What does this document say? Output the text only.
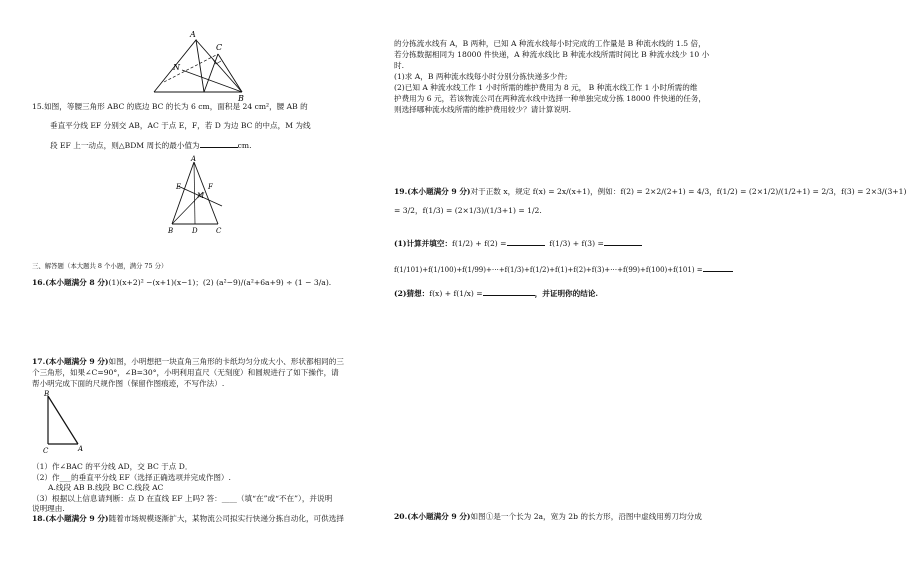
A
N
C
B
15.如图，等腰三角形 ABC 的底边 BC 的长为 6 cm，面积是 24 cm²，腰 AB 的
垂直平分线 EF 分别交 AB，AC 于点 E，F，若 D 为边 BC 的中点，M 为线
段 EF 上一动点，则△BDM 周长的最小值为	cm.
A
E	F
M
B	D	C
三、解答题（本大题共 8 个小题，满分 75 分）
16.(本小题满分 8 分)(1)(x+2)² −(x+1)(x−1)；(2) (a²−9)/(a²+6a+9) ÷ (1 − 3/a).
17.(本小题满分 9 分)如图，小明想把一块直角三角形的卡纸均匀分成大小、形状都相同的三
个三角形，如果∠C=90°，∠B=30°，小明利用直尺（无刻度）和圆规进行了如下操作，请
帮小明完成下面的尺规作图（保留作图痕迹，不写作法）.
B
C	A
（1）作∠BAC 的平分线 AD，交 BC 于点 D．
（2）作___的垂直平分线 EF（选择正确选项并完成作图）.
A.线段 AB B.线段 BC C.线段 AC
（3）根据以上信息请判断：点 D 在直线 EF 上吗? 答：____（填“在”或“不在”），并说明
说明理由.
18.(本小题满分 9 分)随着市场规模逐渐扩大，某物流公司拟实行快递分拣自动化，可供选择
的分拣流水线有 A，B 两种，已知 A 种流水线每小时完成的工作量是 B 种流水线的 1.5 倍，
若分拣数据相同为 18000 件快递，A 种流水线比 B 种流水线所需时间比 B 种流水线少 10 小
时.
(1)求 A，B 两种流水线每小时分别分拣快递多少件;
(2)已知 A 种流水线工作 1 小时所需的维护费用为 8 元， B 种流水线工作 1 小时所需的维
护费用为 6 元，若该物流公司在两种流水线中选择一种单独完成分拣 18000 件快递的任务，
则选择哪种流水线所需的维护费用较少？请计算说明.
19.(本小题满分 9 分)对于正数 x，规定 f(x) = 2x/(x+1)，例如：f(2) = 2×2/(2+1) = 4/3，f(1/2) = (2×1/2)/(1/2+1) = 2/3，f(3) = 2×3/(3+1)
= 3/2，f(1/3) = (2×1/3)/(1/3+1) = 1/2.
(1)计算并填空：f(1/2) + f(2) =	f(1/3) + f(3) =
f(1/101)+f(1/100)+f(1/99)+⋯+f(1/3)+f(1/2)+f(1)+f(2)+f(3)+⋯+f(99)+f(100)+f(101) =
(2)猜想：f(x) + f(1/x) =	，并证明你的结论.
20.(本小题满分 9 分)如图①是一个长为 2a，宽为 2b 的长方形，沿图中虚线用剪刀均分成
